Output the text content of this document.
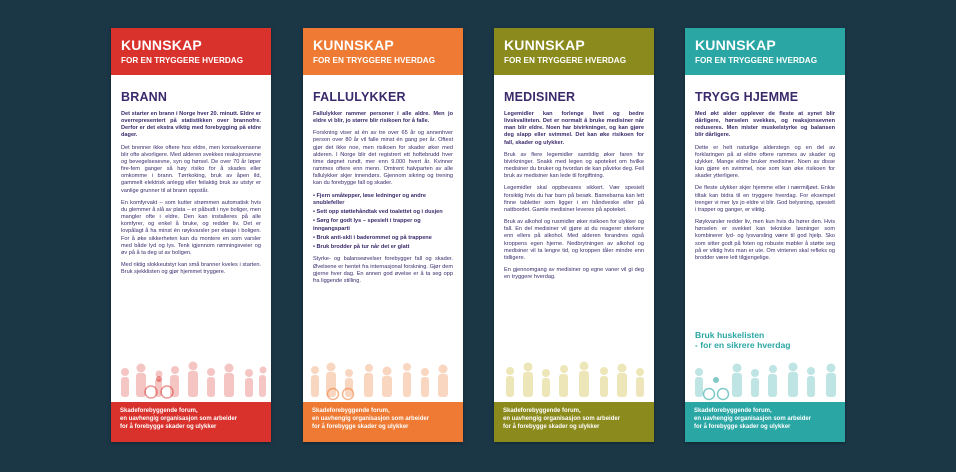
KUNNSKAP
FOR EN TRYGGERE HVERDAG
BRANN

Det starter en brann i Norge hver 20. minutt. Eldre er overrepresentert på statistikken over brannofre. Derfor er det ekstra viktig med forebygging på eldre dager.

Det brenner ikke oftere hos eldre, men konsekvensene blir ofte alvorligere. Med alderen svekkes reaksjonsevne og bevegelsesevne, syn og hørsel. De over 70 år løper fire-fem ganger så høy risiko for å skades eller omkomme i brann. Tørrkoking, bruk av åpen ild, gammelt elektrisk anlegg eller feilaktig bruk av utstyr er vanlige grunner til at brann oppstår.

En komfyrvakt – som kutter strømmen automatisk hvis du glemmer å slå av plata – er påbudt i nye boliger, men mangler ofte i eldre. Den kan installeres på alle komfyrer, og enkel å bruke, og redder liv. Det er lovpålagt å ha minst én røykvarsler per etasje i boligen. For å øke sikkerheten kan du montere en som varsler med både lyd og lys. Tenk igjennom rømningsveier og øv på å ta deg ut av boligen.

Med riktig slokkeutstyr kan små branner kveles i starten. Bruk sjekklisten og gjør hjemmet tryggere.

Skadeforebyggende forum,
en uavhengig organisasjon som arbeider
for å forebygge skader og ulykker
KUNNSKAP
FOR EN TRYGGERE HVERDAG
FALLULYKKER

Fallulykker rammer personer i alle aldre. Men jo eldre vi blir, jo større blir risikoen for å falle.

Forskning viser at én av tre over 65 år og annenhver person over 80 år vil falle minst én gang per år. Oftest gjør det ikke noe, men risikoen for skader øker med alderen. I Norge blir det registrert ett hoftebrudd hver time døgnet rundt, mer enn 9.000 hvert år. Kvinner rammes oftere enn menn. Omtrent halvparten av alle fallulykker skjer innendørs. Gjennom sikring og trening kan du forebygge fall og skader.

• Fjern småtepper, løse ledninger og andre snublefeller
• Sett opp støttehåndtak ved toalettet og i dusjen
• Sørg for godt lys – spesielt i trapper og inngangsparti
• Bruk anti-skli i baderommet og på trappene
• Bruk brodder på tur når det er glatt

Styrke- og balanseøvelser forebygger fall og skader. Øvelsene er hentet fra internasjonal forskning. Gjør dem gjerne hver dag. En annen god øvelse er å ta seg opp fra liggende stilling.

Skadeforebyggende forum,
en uavhengig organisasjon som arbeider
for å forebygge skader og ulykker
KUNNSKAP
FOR EN TRYGGERE HVERDAG
MEDISINER

Legemidler kan forlenge livet og bedre livskvaliteten. Det er normalt å bruke medisiner når man blir eldre. Noen har bivirkninger, og kan gjøre deg slapp eller svimmel. Det kan øke risikoen for fall, skader og ulykker.

Bruk av flere legemidler samtidig øker faren for bivirkninger. Snakk med legen og apoteket om hvilke medisiner du bruker og hvordan de kan påvirke deg. Feil bruk av medisiner kan lede til forgiftning.

Legemidler skal oppbevares sikkert. Vær spesielt forsiktig hvis du har barn på besøk. Barnebarna kan lett finne tabletter som ligger i en håndveske eller på nattbordet. Gamle medisiner leveres på apoteket.

Bruk av alkohol og rusmidler øker risikoen for ulykker og fall. En del medisiner vil gjøre at du reagerer sterkere enn ellers på alkohol. Med alderen forandres også kroppens egen hjerne. Nedbrytningen av alkohol og medisiner vil ta lengre tid, og kroppen tåler mindre enn tidligere.

En gjennomgang av medisiner og egne vaner vil gi deg en tryggere hverdag.

Skadeforebyggende forum,
en uavhengig organisasjon som arbeider
for å forebygge skader og ulykker
KUNNSKAP
FOR EN TRYGGERE HVERDAG
TRYGG HJEMME

Med økt alder opplever de fleste at synet blir dårligere, hørselen svekkes, og reaksjonsevnen reduseres. Men mister muskelstyrke og balansen blir dårligere.

Dette er helt naturlige alderstegn og en del av forklaringen på at eldre oftere rammes av skader og ulykker. Mange eldre bruker medisiner. Noen av disse kan gjøre en svimmel, noe som kan øke risikoen for skader ytterligere.

De fleste ulykker skjer hjemme eller i nærmiljøet. Enkle tiltak kan bidra til en tryggere hverdag. For eksempel trenger vi mer lys jo eldre vi blir. God belysning, spesielt i trapper og ganger, er viktig.

Røykvarsler redder liv, men kun hvis du hører den. Hvis hørselen er svekket kan tekniske løsninger som kombinerer lyd- og lysvarsling være til god hjelp. Sko som sitter godt på foten og robuste møbler å støtte seg på er viktig hvis man er ute. Om vinteren skal refleks og brodder være lett tilgjengelige.

Bruk huskelisten
- for en sikrere hverdag
Skadeforebyggende forum,
en uavhengig organisasjon som arbeider
for å forebygge skader og ulykker
